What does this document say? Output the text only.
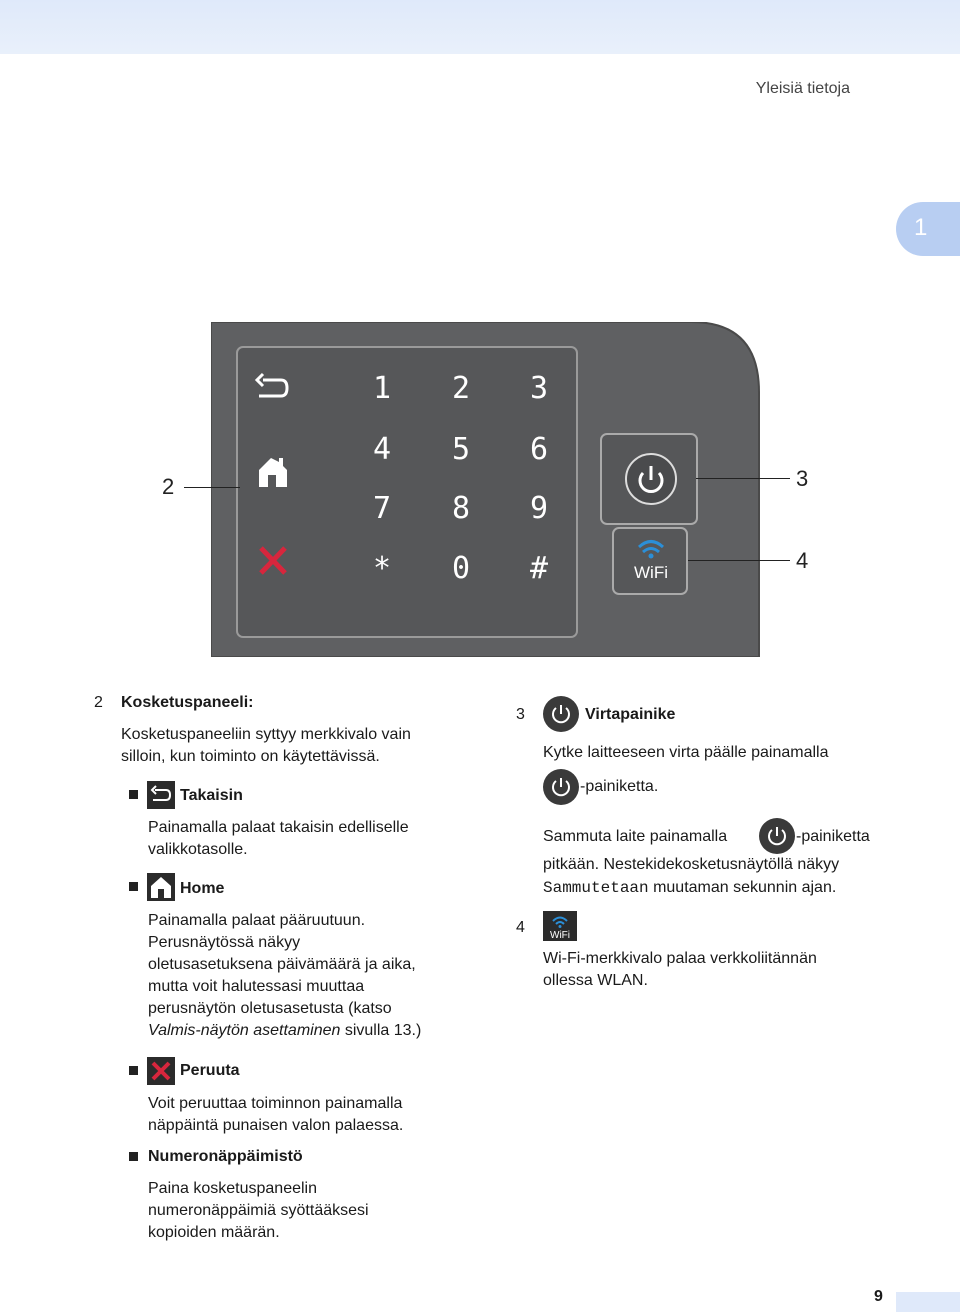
Yleisiä tietoja
1
1 2 3
4 5 6
7 8 9
* 0 #	WiFi
2	3
4
2 Kosketuspaneeli:
Kosketuspaneeliin syttyy merkkivalo vain
silloin, kun toiminto on käytettävissä.
Takaisin
Painamalla palaat takaisin edelliselle
valikkotasolle.
Home
Painamalla palaat pääruutuun.
Perusnäytössä näkyy
oletusasetuksena päivämäärä ja aika,
mutta voit halutessasi muuttaa
perusnäytön oletusasetusta (katso
Valmis-näytön asettaminen sivulla 13.)
Peruuta
Voit peruuttaa toiminnon painamalla
näppäintä punaisen valon palaessa.
Numeronäppäimistö
Paina kosketuspaneelin
numeronäppäimiä syöttääksesi
kopioiden määrän.
3	Virtapainike
Kytke laitteeseen virta päälle painamalla
-painiketta.
Sammuta laite painamalla	-painiketta
pitkään. Nestekidekosketusnäytöllä näkyy
Sammutetaan muutaman sekunnin ajan.
4	WiFi
Wi-Fi-merkkivalo palaa verkkoliitännän
ollessa WLAN.
9
